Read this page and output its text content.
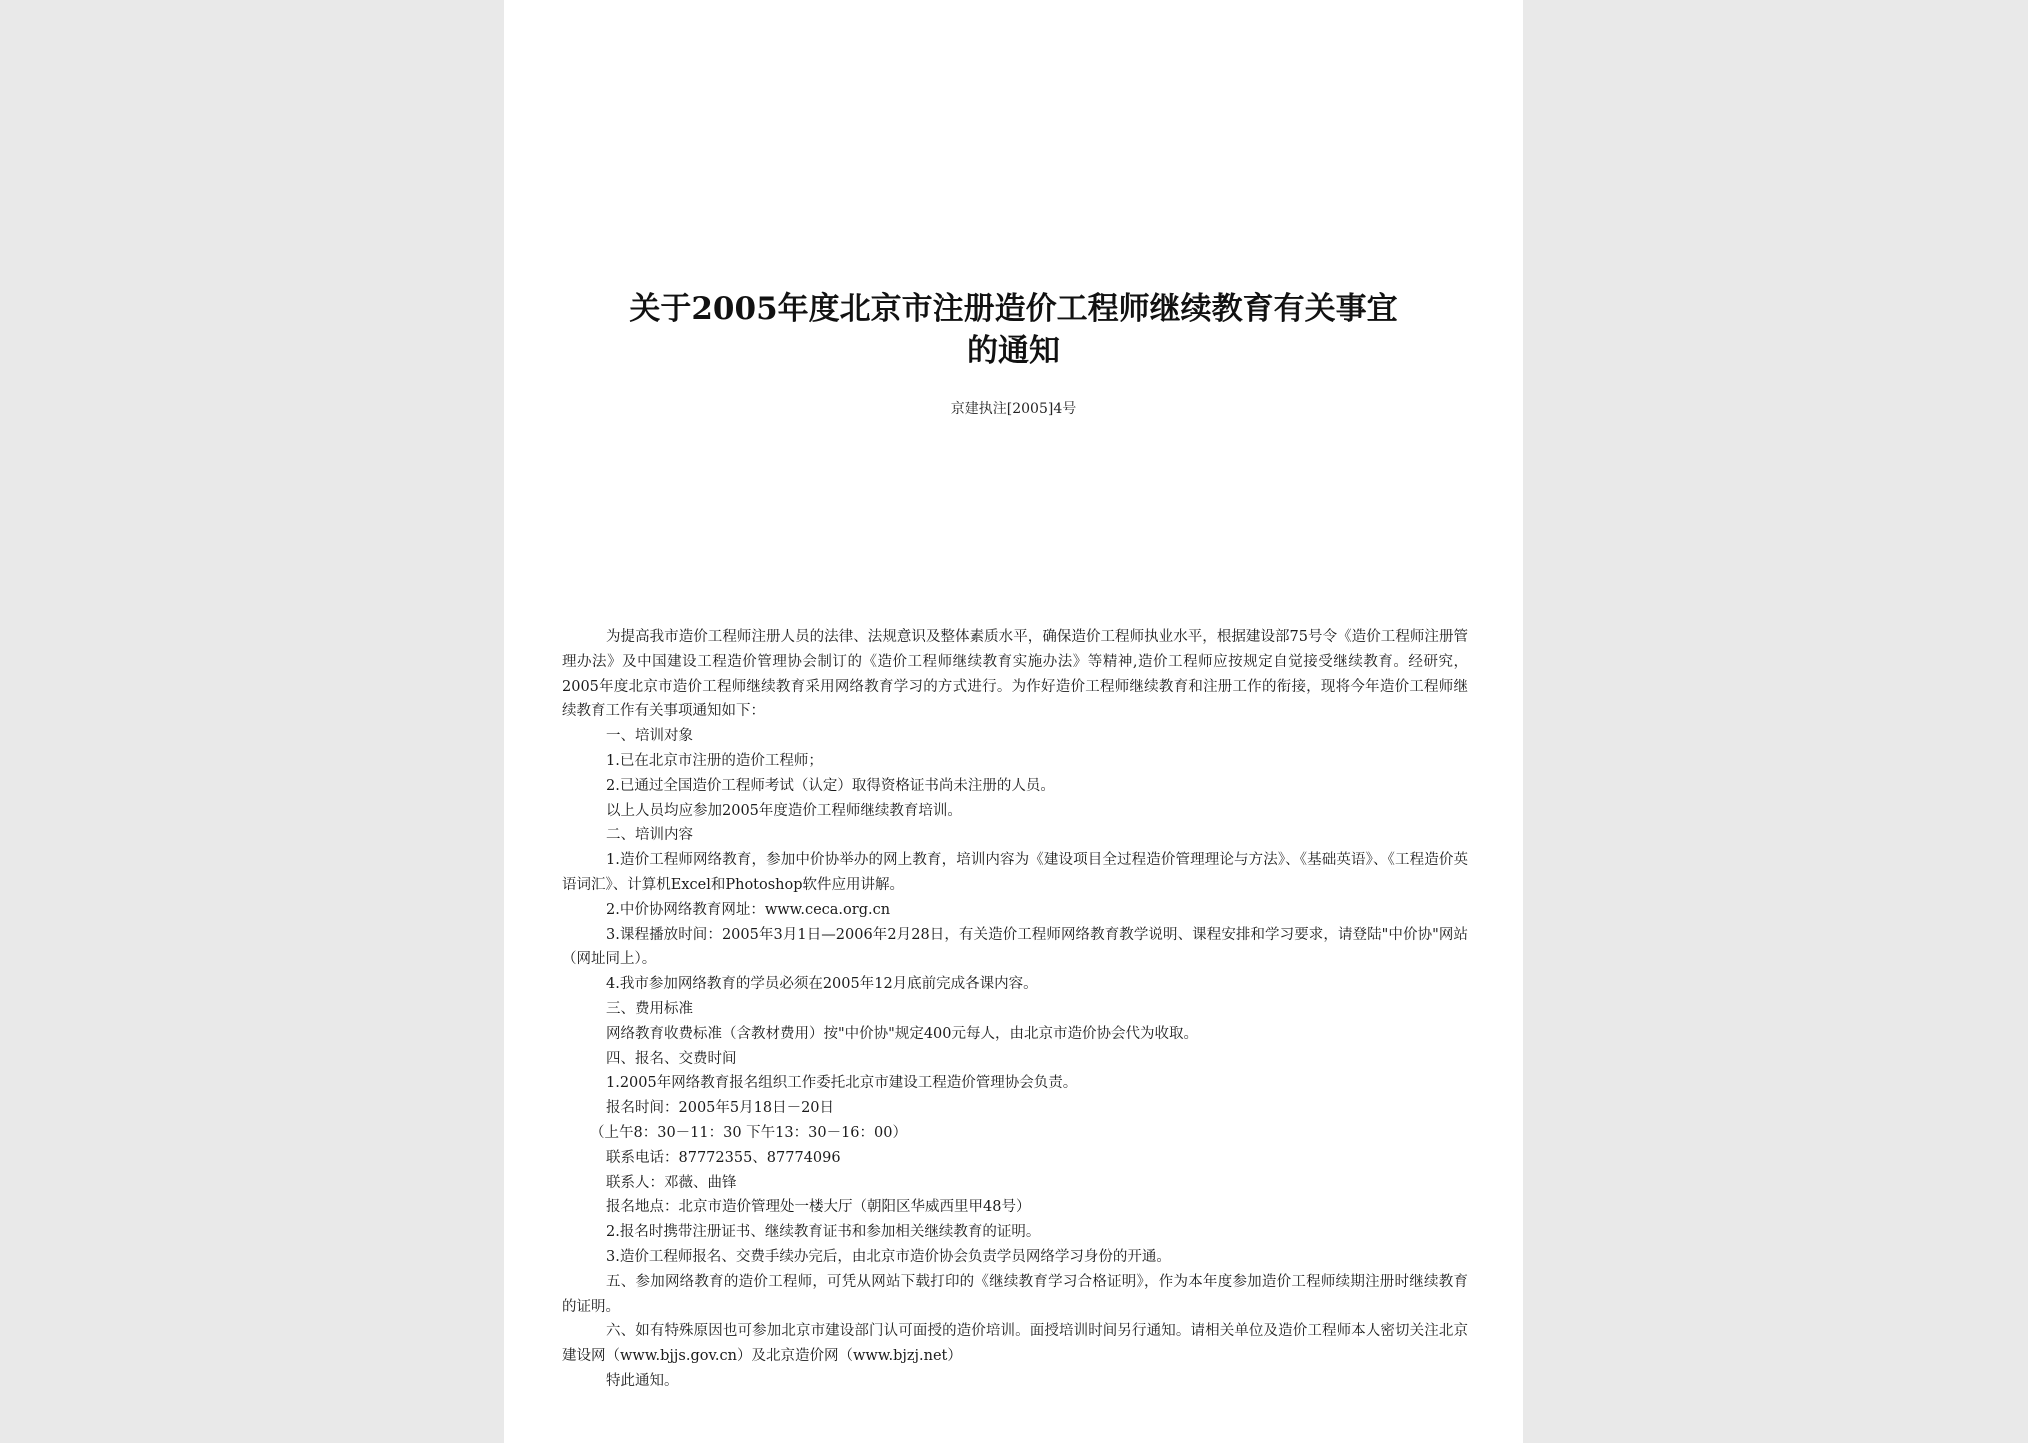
关于2005年度北京市注册造价工程师继续教育有关事宜
的通知
京建执注[2005]4号

为提高我市造价工程师注册人员的法律、法规意识及整体素质水平，确保造价工程师执业水平，根据建设部75号令《造价工程师注册管理办法》及中国建设工程造价管理协会制订的《造价工程师继续教育实施办法》等精神,造价工程师应按规定自觉接受继续教育。经研究，2005年度北京市造价工程师继续教育采用网络教育学习的方式进行。为作好造价工程师继续教育和注册工作的衔接，现将今年造价工程师继续教育工作有关事项通知如下：

一、培训对象

1.已在北京市注册的造价工程师；

2.已通过全国造价工程师考试（认定）取得资格证书尚未注册的人员。

以上人员均应参加2005年度造价工程师继续教育培训。

二、培训内容

1.造价工程师网络教育，参加中价协举办的网上教育，培训内容为《建设项目全过程造价管理理论与方法》、《基础英语》、《工程造价英语词汇》、计算机Excel和Photoshop软件应用讲解。

2.中价协网络教育网址：www.ceca.org.cn

3.课程播放时间：2005年3月1日—2006年2月28日，有关造价工程师网络教育教学说明、课程安排和学习要求，请登陆"中价协"网站（网址同上）。

4.我市参加网络教育的学员必须在2005年12月底前完成各课内容。

三、费用标准

网络教育收费标准（含教材费用）按"中价协"规定400元每人，由北京市造价协会代为收取。

四、报名、交费时间

1.2005年网络教育报名组织工作委托北京市建设工程造价管理协会负责。

报名时间：2005年5月18日－20日

（上午8：30－11：30 下午13：30－16：00）

联系电话：87772355、87774096

联系人：邓薇、曲锋

报名地点：北京市造价管理处一楼大厅（朝阳区华威西里甲48号）

2.报名时携带注册证书、继续教育证书和参加相关继续教育的证明。

3.造价工程师报名、交费手续办完后，由北京市造价协会负责学员网络学习身份的开通。

五、参加网络教育的造价工程师，可凭从网站下载打印的《继续教育学习合格证明》，作为本年度参加造价工程师续期注册时继续教育的证明。

六、如有特殊原因也可参加北京市建设部门认可面授的造价培训。面授培训时间另行通知。请相关单位及造价工程师本人密切关注北京建设网（www.bjjs.gov.cn）及北京造价网（www.bjzj.net）

特此通知。
